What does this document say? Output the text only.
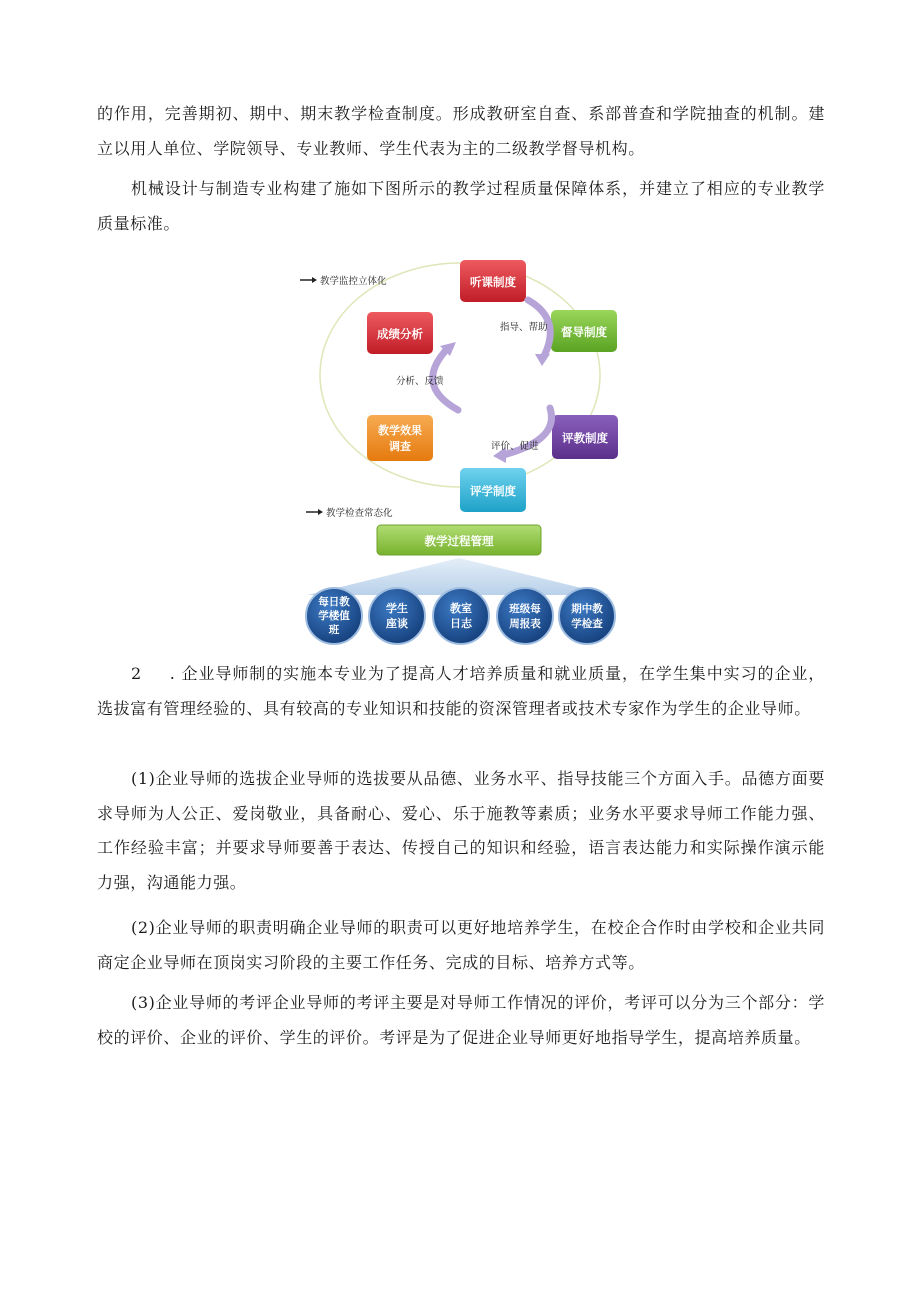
的作用，完善期初、期中、期末教学检查制度。形成教研室自查、系部普查和学院抽查的机制。建立以用人单位、学院领导、专业教师、学生代表为主的二级教学督导机构。

机械设计与制造专业构建了施如下图所示的教学过程质量保障体系，并建立了相应的专业教学质量标准。

教学监控立体化	听课制度
督导制度
评教制度
评学制度
教学效果
调查
成绩分析	指导、帮助
分析、反馈
评价、促进
教学检查常态化
教学过程管理
每日教
学楼值
班
学生
座谈
教室
日志
班级每
周报表
期中教
学检查

2 . 企业导师制的实施本专业为了提高人才培养质量和就业质量，在学生集中实习的企业，选拔富有管理经验的、具有较高的专业知识和技能的资深管理者或技术专家作为学生的企业导师。

(1)企业导师的选拔企业导师的选拔要从品德、业务水平、指导技能三个方面入手。品德方面要求导师为人公正、爱岗敬业，具备耐心、爱心、乐于施教等素质；业务水平要求导师工作能力强、工作经验丰富；并要求导师要善于表达、传授自己的知识和经验，语言表达能力和实际操作演示能力强，沟通能力强。

(2)企业导师的职责明确企业导师的职责可以更好地培养学生，在校企合作时由学校和企业共同商定企业导师在顶岗实习阶段的主要工作任务、完成的目标、培养方式等。

(3)企业导师的考评企业导师的考评主要是对导师工作情况的评价，考评可以分为三个部分：学校的评价、企业的评价、学生的评价。考评是为了促进企业导师更好地指导学生，提高培养质量。
